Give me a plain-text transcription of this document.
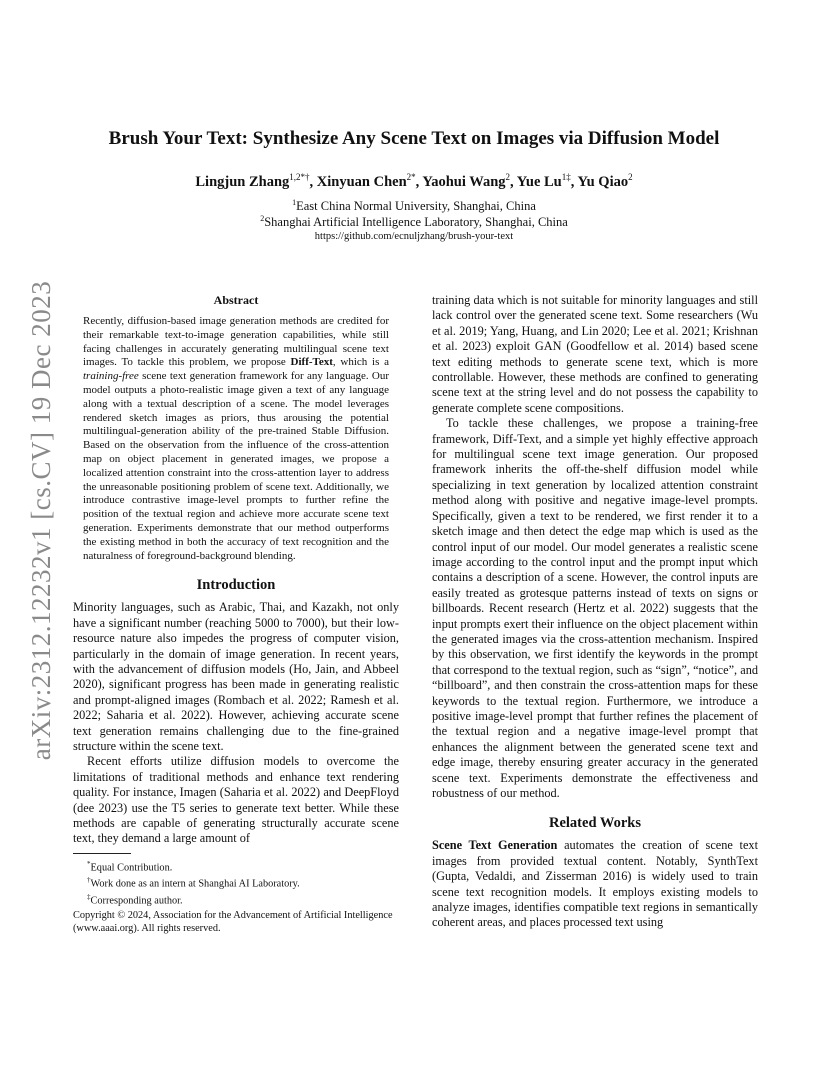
arXiv:2312.12232v1 [cs.CV] 19 Dec 2023
Brush Your Text: Synthesize Any Scene Text on Images via Diffusion Model

Lingjun Zhang$^{1,2*\dagger}$, Xinyuan Chen$^{2*}$, Yaohui Wang$^2$, Yue $Lu^{1\ddagger}$, Yu Qiao$^2$

$^1$East China Normal University, Shanghai, China

$^2$Shanghai Artificial Intelligence Laboratory, Shanghai, China

https://github.com/ecnuljzhang/brush-your-text

Abstract

Recently, diffusion-based image generation methods are credited for their remarkable text-to-image generation capabilities, while still facing challenges in accurately generating multilingual scene text images. To tackle this problem, we propose Diff-Text, which is a training-free scene text generation framework for any language. Our model outputs a photo-realistic image given a text of any language along with a textual description of a scene. The model leverages rendered sketch images as priors, thus arousing the potential multilingual-generation ability of the pre-trained Stable Diffusion. Based on the observation from the influence of the cross-attention map on object placement in generated images, we propose a localized attention constraint into the cross-attention layer to address the unreasonable positioning problem of scene text. Additionally, we introduce contrastive image-level prompts to further refine the position of the textual region and achieve more accurate scene text generation. Experiments demonstrate that our method outperforms the existing method in both the accuracy of text recognition and the naturalness of foreground-background blending.

Introduction

Minority languages, such as Arabic, Thai, and Kazakh, not only have a significant number (reaching 5000 to 7000), but their low-resource nature also impedes the progress of computer vision, particularly in the domain of image generation. In recent years, with the advancement of diffusion models (Ho, Jain, and Abbeel 2020), significant progress has been made in generating realistic and prompt-aligned images (Rombach et al. 2022; Ramesh et al. 2022; Saharia et al. 2022). However, achieving accurate scene text generation remains challenging due to the fine-grained structure within the scene text.

Recent efforts utilize diffusion models to overcome the limitations of traditional methods and enhance text rendering quality. For instance, Imagen (Saharia et al. 2022) and DeepFloyd (dee 2023) use the T5 series to generate text better. While these methods are capable of generating structurally accurate scene text, they demand a large amount of

*Equal Contribution.

†Work done as an intern at Shanghai AI Laboratory.

‡Corresponding author.

Copyright © 2024, Association for the Advancement of Artificial Intelligence (www.aaai.org). All rights reserved.

training data which is not suitable for minority languages and still lack control over the generated scene text. Some researchers (Wu et al. 2019; Yang, Huang, and Lin 2020; Lee et al. 2021; Krishnan et al. 2023) exploit GAN (Goodfellow et al. 2014) based scene text editing methods to generate scene text, which is more controllable. However, these methods are confined to generating scene text at the string level and do not possess the capability to generate complete scene compositions.

To tackle these challenges, we propose a training-free framework, Diff-Text, and a simple yet highly effective approach for multilingual scene text image generation. Our proposed framework inherits the off-the-shelf diffusion model while specializing in text generation by localized attention constraint method along with positive and negative image-level prompts. Specifically, given a text to be rendered, we first render it to a sketch image and then detect the edge map which is used as the control input of our model. Our model generates a realistic scene image according to the control input and the prompt input which contains a description of a scene. However, the control inputs are easily treated as grotesque patterns instead of texts on signs or billboards. Recent research (Hertz et al. 2022) suggests that the input prompts exert their influence on the object placement within the generated images via the cross-attention mechanism. Inspired by this observation, we first identify the keywords in the prompt that correspond to the textual region, such as “sign”, “notice”, and “billboard”, and then constrain the cross-attention maps for these keywords to the textual region. Furthermore, we introduce a positive image-level prompt that further refines the placement of the textual region and a negative image-level prompt that enhances the alignment between the generated scene text and edge image, thereby ensuring greater accuracy in the generated scene text. Experiments demonstrate the effectiveness and robustness of our method.

Related Works

Scene Text Generation automates the creation of scene text images from provided textual content. Notably, SynthText (Gupta, Vedaldi, and Zisserman 2016) is widely used to train scene text recognition models. It employs existing models to analyze images, identifies compatible text regions in semantically coherent areas, and places processed text using
